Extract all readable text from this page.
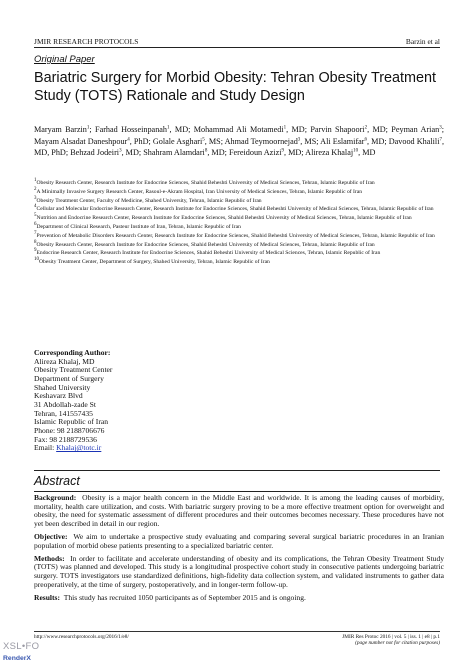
JMIR RESEARCH PROTOCOLS	Barzin et al
Original Paper
Bariatric Surgery for Morbid Obesity: Tehran Obesity Treatment Study (TOTS) Rationale and Study Design
Maryam Barzin$^1$; Farhad Hosseinpanah$^1$, MD; Mohammad Ali Motamedi$^1$, MD; Parvin Shapoori$^2$, MD; Peyman Arian$^3$; Mayam Alsadat Daneshpour$^4$, PhD; Golale Asghari$^5$, MS; Ahmad Teymoornejad$^3$, MS; Ali Eslamifar$^6$, MD; Davood Khalili$^7$, MD, PhD; Behzad Jodeiri$^3$, MD; Shahram Alamdari$^8$, MD; Fereidoun Azizi$^9$, MD; Alireza Khalaj$^{10}$, MD
$^1$Obesity Research Center, Research Institute for Endocrine Sciences, Shahid Beheshti University of Medical Sciences, Tehran, Islamic Republic of Iran
$^2$A Minimally Invasive Surgery Research Center, Rasoul-e-Akram Hospital, Iran University of Medical Sciences, Tehran, Islamic Republic of Iran
$^3$Obesity Treatment Center, Faculty of Medicine, Shahed University, Tehran, Islamic Republic of Iran
$^4$Cellular and Molecular Endocrine Research Center, Research Institute for Endocrine Sciences, Shahid Beheshti University of Medical Sciences, Tehran, Islamic Republic of Iran
$^5$Nutrition and Endocrine Research Center, Research Institute for Endocrine Sciences, Shahid Beheshti University of Medical Sciences, Tehran, Islamic Republic of Iran
$^6$Department of Clinical Research, Pasteur Institute of Iran, Tehran, Islamic Republic of Iran
$^7$Prevention of Metabolic Disorders Research Center, Research Institute for Endocrine Sciences, Shahid Beheshti University of Medical Sciences, Tehran, Islamic Republic of Iran
$^8$Obesity Research Center, Research Institute for Endocrine Sciences, Shahid Beheshti University of Medical Sciences, Tehran, Islamic Republic of Iran
$^9$Endocrine Research Center, Research Institute for Endocrine Sciences, Shahid Beheshti University of Medical Sciences, Tehran, Islamic Republic of Iran
$^{10}$Obesity Treatment Center, Department of Surgery, Shahed University, Tehran, Islamic Republic of Iran
Corresponding Author:
Alireza Khalaj, MD
Obesity Treatment Center
Department of Surgery
Shahed University
Keshavarz Blvd
31 Abdollah-zade St
Tehran, 141557435
Islamic Republic of Iran
Phone: 98 2188706676
Fax: 98 2188729536
Email: Khalaj@totc.ir
Abstract

Background:  Obesity is a major health concern in the Middle East and worldwide. It is among the leading causes of morbidity, mortality, health care utilization, and costs. With bariatric surgery proving to be a more effective treatment option for overweight and obesity, the need for systematic assessment of different procedures and their outcomes becomes necessary. These procedures have not yet been described in detail in our region.

Objective:  We aim to undertake a prospective study evaluating and comparing several surgical bariatric procedures in an Iranian population of morbid obese patients presenting to a specialized bariatric center.

Methods:  In order to facilitate and accelerate understanding of obesity and its complications, the Tehran Obesity Treatment Study (TOTS) was planned and developed. This study is a longitudinal prospective cohort study in consecutive patients undergoing bariatric surgery. TOTS investigators use standardized definitions, high-fidelity data collection system, and validated instruments to gather data preoperatively, at the time of surgery, postoperatively, and in longer-term follow-up.

Results:  This study has recruited 1050 participants as of September 2015 and is ongoing.

http://www.researchprotocols.org/2016/1/e8/	JMIR Res Protoc 2016 | vol. 5 | iss. 1 | e8 | p.1
(page number not for citation purposes)
XSL•FO
RenderX
